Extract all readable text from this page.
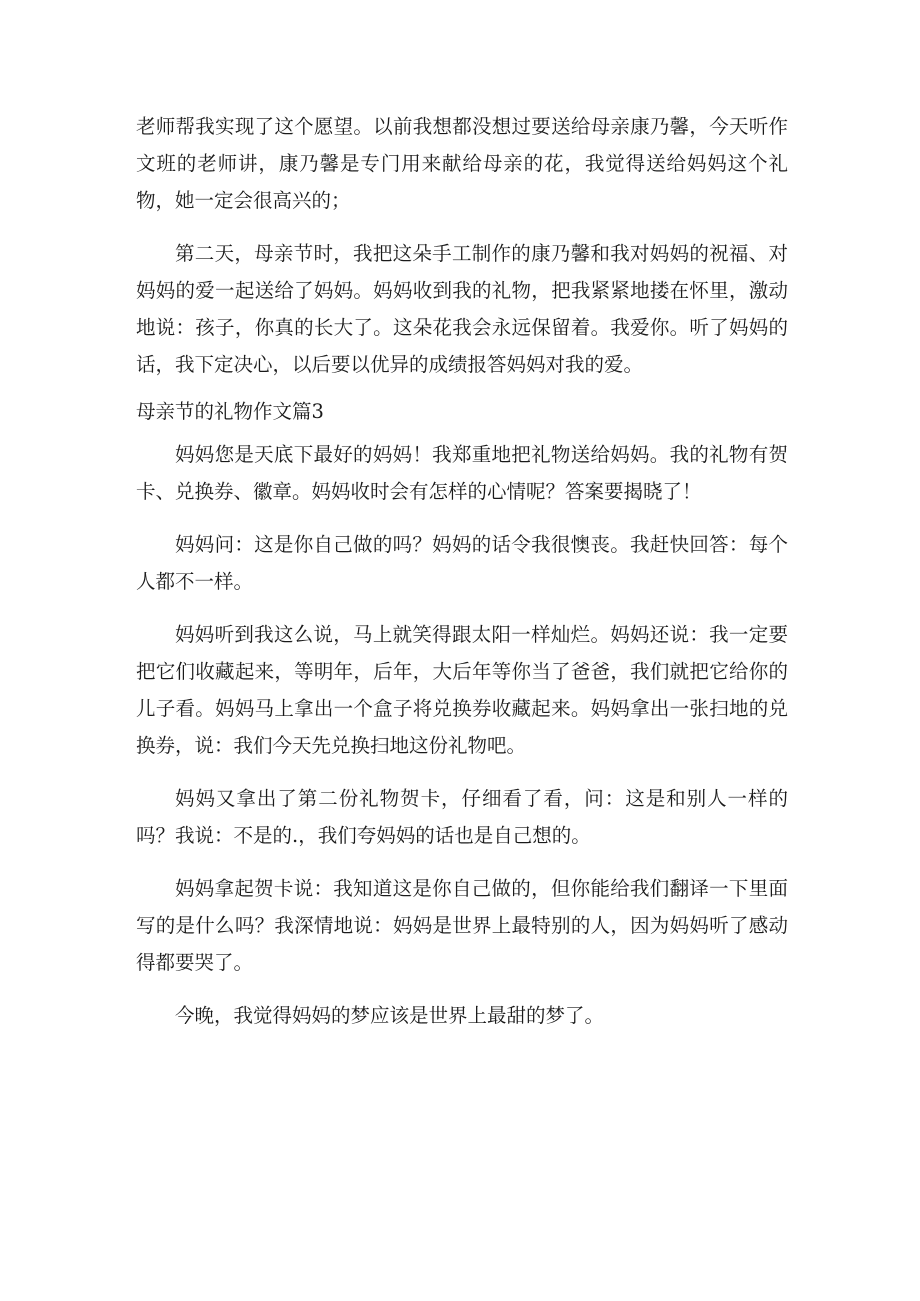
老师帮我实现了这个愿望。以前我想都没想过要送给母亲康乃馨，今天听作文班的老师讲，康乃馨是专门用来献给母亲的花，我觉得送给妈妈这个礼物，她一定会很高兴的；

第二天，母亲节时，我把这朵手工制作的康乃馨和我对妈妈的祝福、对妈妈的爱一起送给了妈妈。妈妈收到我的礼物，把我紧紧地搂在怀里，激动地说：孩子，你真的长大了。这朵花我会永远保留着。我爱你。听了妈妈的话，我下定决心，以后要以优异的成绩报答妈妈对我的爱。

母亲节的礼物作文篇3

妈妈您是天底下最好的妈妈！我郑重地把礼物送给妈妈。我的礼物有贺卡、兑换券、徽章。妈妈收时会有怎样的心情呢？答案要揭晓了！

妈妈问：这是你自己做的吗？妈妈的话令我很懊丧。我赶快回答：每个人都不一样。

妈妈听到我这么说，马上就笑得跟太阳一样灿烂。妈妈还说：我一定要把它们收藏起来，等明年，后年，大后年等你当了爸爸，我们就把它给你的儿子看。妈妈马上拿出一个盒子将兑换券收藏起来。妈妈拿出一张扫地的兑换券，说：我们今天先兑换扫地这份礼物吧。

妈妈又拿出了第二份礼物贺卡，仔细看了看，问：这是和别人一样的吗？我说：不是的.，我们夸妈妈的话也是自己想的。

妈妈拿起贺卡说：我知道这是你自己做的，但你能给我们翻译一下里面写的是什么吗？我深情地说：妈妈是世界上最特别的人，因为妈妈听了感动得都要哭了。

今晚，我觉得妈妈的梦应该是世界上最甜的梦了。
